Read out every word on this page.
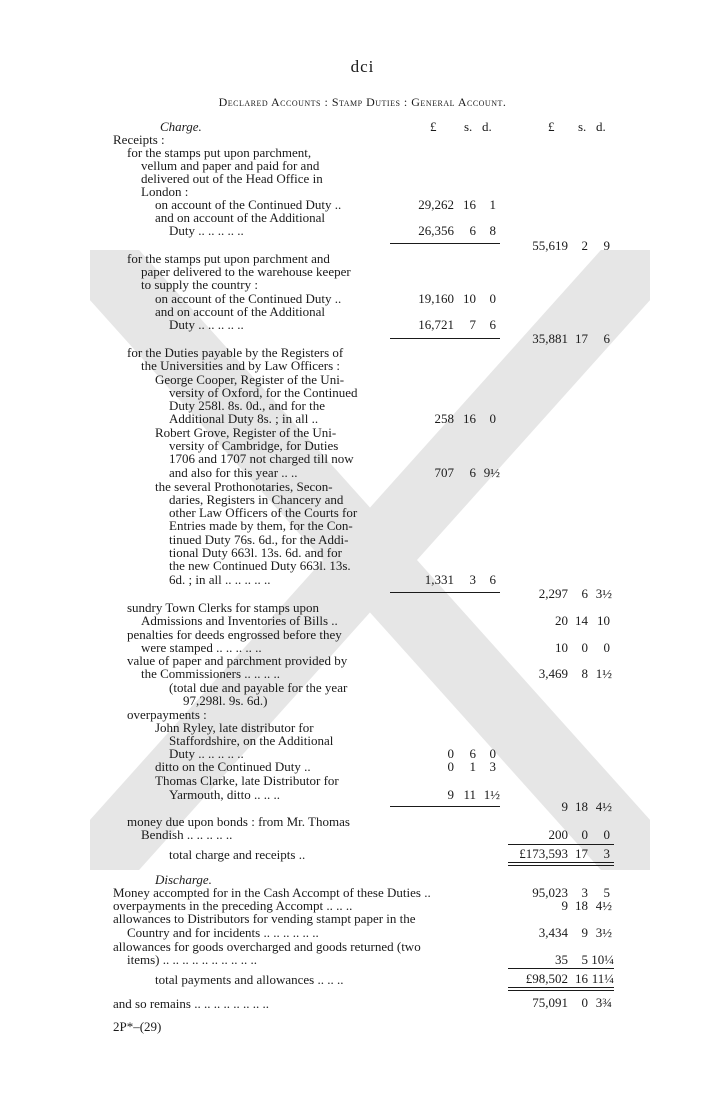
dci
Declared Accounts : Stamp Duties : General Account.
Charge.	£ s. d.	£ s. d.
Receipts :
for the stamps put upon parchment,
vellum and paper and paid for and
delivered out of the Head Office in
London :
on account of the Continued Duty ..	29,262 16	1
and on account of the Additional
Duty .. .. .. .. ..	26,356	6	8
55,619	2	9
for the stamps put upon parchment and
paper delivered to the warehouse keeper
to supply the country :
on account of the Continued Duty ..	19,160 10	0
and on account of the Additional
Duty .. .. .. .. ..	16,721	7	6
35,881 17	6
for the Duties payable by the Registers of
the Universities and by Law Officers :
George Cooper, Register of the Uni-
versity of Oxford, for the Continued
Duty 258l. 8s. 0d., and for the
Additional Duty 8s. ; in all ..	258 16	0
Robert Grove, Register of the Uni-
versity of Cambridge, for Duties
1706 and 1707 not charged till now
and also for this year .. ..	707	6 9½
the several Prothonotaries, Secon-
daries, Registers in Chancery and
other Law Officers of the Courts for
Entries made by them, for the Con-
tinued Duty 76s. 6d., for the Addi-
tional Duty 663l. 13s. 6d. and for
the new Continued Duty 663l. 13s.
6d. ; in all .. .. .. .. ..	1,331	3	6
2,297	6 3½
sundry Town Clerks for stamps upon
Admissions and Inventories of Bills ..	20 14 10
penalties for deeds engrossed before they
were stamped .. .. .. .. ..	10	0	0
value of paper and parchment provided by
the Commissioners .. .. .. ..	3,469	8 1½
(total due and payable for the year
97,298l. 9s. 6d.)
overpayments :
John Ryley, late distributor for
Staffordshire, on the Additional
Duty .. .. .. .. ..	0	6	0
ditto on the Continued Duty ..	0	1	3
Thomas Clarke, late Distributor for
Yarmouth, ditto .. .. ..	9 11 1½
9 18 4½
money due upon bonds : from Mr. Thomas
Bendish .. .. .. .. ..	200	0	0
total charge and receipts ..	£173,593 17	3
Discharge.
Money accompted for in the Cash Accompt of these Duties ..	95,023	3	5
overpayments in the preceding Accompt .. .. ..	9 18 4½
allowances to Distributors for vending stampt paper in the
Country and for incidents .. .. .. .. .. ..	3,434	9 3½
allowances for goods overcharged and goods returned (two
items) .. .. .. .. .. .. .. .. .. ..	35	5 10¼
total payments and allowances .. .. ..	£98,502 16 11¼
and so remains .. .. .. .. .. .. .. ..	75,091	0 3¾
2P*–(29)
